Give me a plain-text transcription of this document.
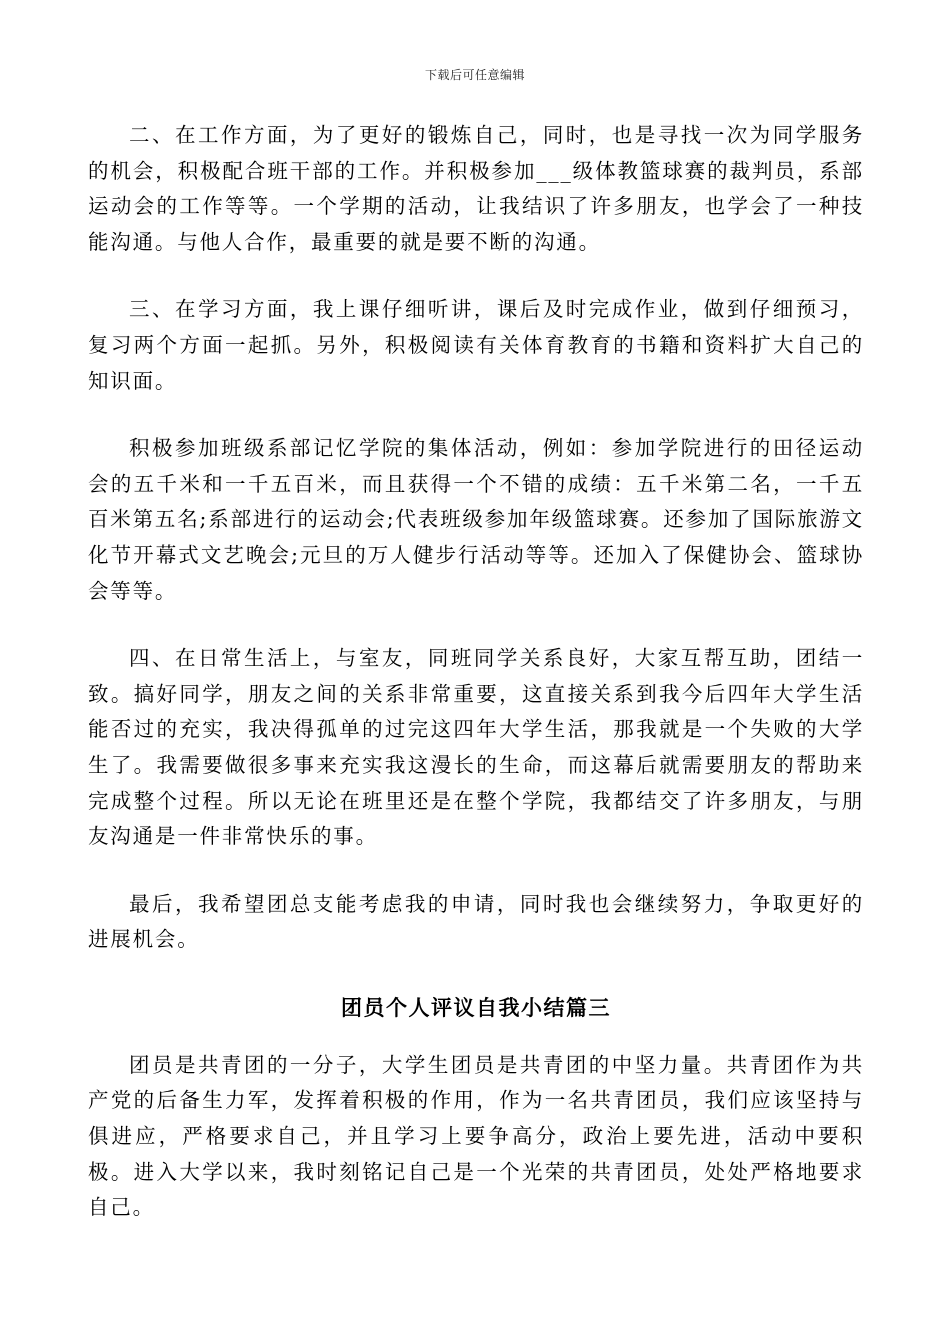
下载后可任意编辑

二、在工作方面，为了更好的锻炼自己，同时，也是寻找一次为同学服务的机会，积极配合班干部的工作。并积极参加___级体教篮球赛的裁判员，系部运动会的工作等等。一个学期的活动，让我结识了许多朋友，也学会了一种技能沟通。与他人合作，最重要的就是要不断的沟通。

三、在学习方面，我上课仔细听讲，课后及时完成作业，做到仔细预习，复习两个方面一起抓。另外，积极阅读有关体育教育的书籍和资料扩大自己的知识面。

积极参加班级系部记忆学院的集体活动，例如：参加学院进行的田径运动会的五千米和一千五百米，而且获得一个不错的成绩：五千米第二名，一千五百米第五名;系部进行的运动会;代表班级参加年级篮球赛。还参加了国际旅游文化节开幕式文艺晚会;元旦的万人健步行活动等等。还加入了保健协会、篮球协会等等。

四、在日常生活上，与室友，同班同学关系良好，大家互帮互助，团结一致。搞好同学，朋友之间的关系非常重要，这直接关系到我今后四年大学生活能否过的充实，我决得孤单的过完这四年大学生活，那我就是一个失败的大学生了。我需要做很多事来充实我这漫长的生命，而这幕后就需要朋友的帮助来完成整个过程。所以无论在班里还是在整个学院，我都结交了许多朋友，与朋友沟通是一件非常快乐的事。

最后，我希望团总支能考虑我的申请，同时我也会继续努力，争取更好的进展机会。

团员个人评议自我小结篇三

团员是共青团的一分子，大学生团员是共青团的中坚力量。共青团作为共产党的后备生力军，发挥着积极的作用，作为一名共青团员，我们应该坚持与俱进应，严格要求自己，并且学习上要争高分，政治上要先进，活动中要积极。进入大学以来，我时刻铭记自己是一个光荣的共青团员，处处严格地要求自己。
